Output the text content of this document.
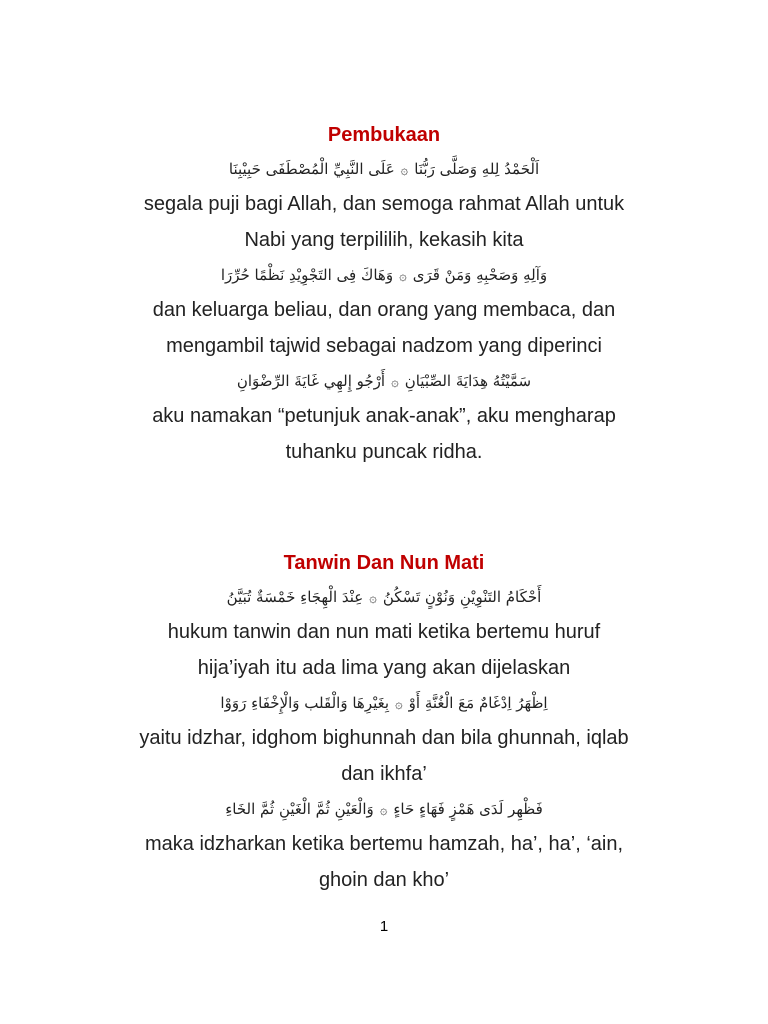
Pembukaan

اَلْحَمْدُ لِلهِ وَصَلَّى رَبُّنَا۞عَلَى النَّبِيِّ الْمُصْطَفَى حَبِيْبِنَا

segala puji bagi Allah, dan semoga rahmat Allah untuk Nabi yang terpililih, kekasih kita

وَآلِهِ وَصَحْبِهِ وَمَنْ قَرَى۞وَهَاكَ فِى التَجْوِيْدِ نَظْمًا حُرِّرَا

dan keluarga beliau, dan orang yang membaca, dan mengambil tajwid sebagai nadzom yang diperinci

سَمَّيْتُهُ هِدَايَةَ الصِّبْيَانِ۞أَرْجُو إِلهِي غَايَةَ الرِّضْوَانِ

aku namakan “petunjuk anak-anak”, aku mengharap tuhanku puncak ridha.

Tanwin Dan Nun Mati

أَحْكَامُ التَنْوِيْنِ وَنُوْنٍ تَسْكُنُ۞عِنْدَ الْهِجَاءِ خَمْسَةٌ تُبَيَّنُ

hukum tanwin dan nun mati ketika bertemu huruf hija’iyah itu ada lima yang akan dijelaskan

اِظْهَرُ اِدْغَامٌ مَعَ الْغُنَّةِ أَوْ۞بِغَيْرِهَا وَالْقَلب وَالْإِخْفَاءِ رَوَوْا

yaitu idzhar, idghom bighunnah dan bila ghunnah, iqlab dan ikhfa’

فَظْهِر لَدَى هَمْزٍ فَهَاءٍ حَاءٍ۞وَالْعَيْنِ ثُمَّ الْغَيْنِ ثُمَّ الخَاءِ

maka idzharkan ketika bertemu hamzah, ha’, ha’, ‘ain, ghoin dan kho’

1
